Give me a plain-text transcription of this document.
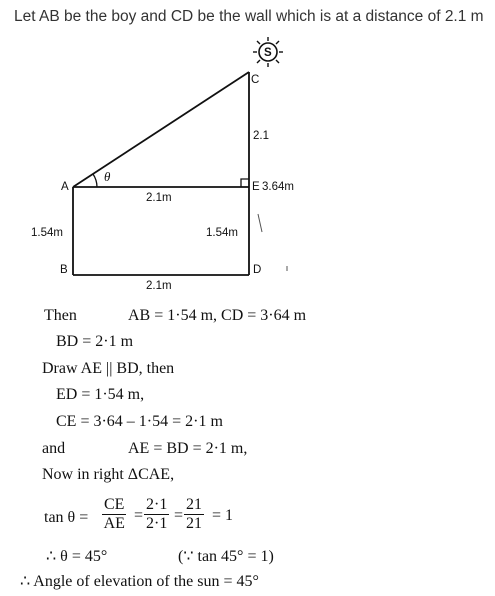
Let AB be the boy and CD be the wall which is at a distance of 2.1 m
S
C
A	E 3.64m
B	D
θ
2.1
2.1m
1.54m	1.54m
2.1m
Then	AB = 1·54 m, CD = 3·64 m
BD = 2·1 m
Draw AE || BD, then
ED = 1·54 m,
CE = 3·64 – 1·54 = 2·1 m
and	AE = BD = 2·1 m,
Now in right ΔCAE,
$\tan \theta = \frac{CE}{AE} = \frac{2\cdot 1}{2\cdot 1} = \frac{21}{21} = 1$
∴ θ = 45°	(∵ tan 45° = 1)
∴ Angle of elevation of the sun = 45°
